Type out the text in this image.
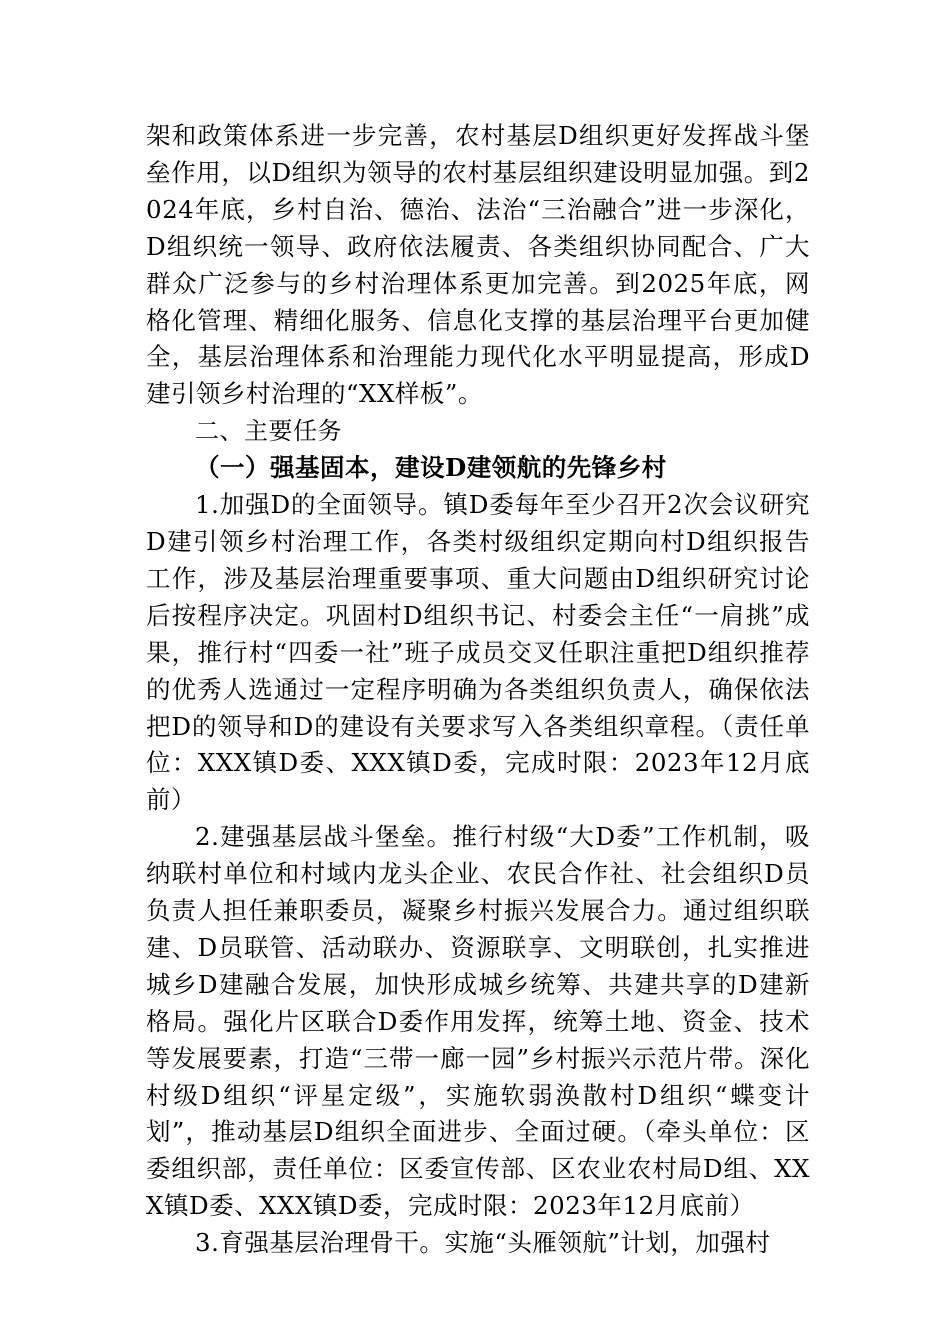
架和政策体系进一步完善，农村基层D组织更好发挥战斗堡垒作用，以D组织为领导的农村基层组织建设明显加强。到2024年底，乡村自治、德治、法治“三治融合”进一步深化，D组织统一领导、政府依法履责、各类组织协同配合、广大群众广泛参与的乡村治理体系更加完善。到2025年底，网格化管理、精细化服务、信息化支撑的基层治理平台更加健全，基层治理体系和治理能力现代化水平明显提高，形成D建引领乡村治理的“XX样板”。

二、主要任务

（一）强基固本，建设D建领航的先锋乡村

1.加强D的全面领导。镇D委每年至少召开2次会议研究D建引领乡村治理工作，各类村级组织定期向村D组织报告工作，涉及基层治理重要事项、重大问题由D组织研究讨论后按程序决定。巩固村D组织书记、村委会主任“一肩挑”成果，推行村“四委一社”班子成员交叉任职注重把D组织推荐的优秀人选通过一定程序明确为各类组织负责人，确保依法把D的领导和D的建设有关要求写入各类组织章程。（责任单位：XXX镇D委、XXX镇D委，完成时限：2023年12月底前）

2.建强基层战斗堡垒。推行村级“大D委”工作机制，吸纳联村单位和村域内龙头企业、农民合作社、社会组织D员负责人担任兼职委员，凝聚乡村振兴发展合力。通过组织联建、D员联管、活动联办、资源联享、文明联创，扎实推进城乡D建融合发展，加快形成城乡统筹、共建共享的D建新格局。强化片区联合D委作用发挥，统筹土地、资金、技术等发展要素，打造“三带一廊一园”乡村振兴示范片带。深化村级D组织“评星定级”，实施软弱涣散村D组织“蝶变计划”，推动基层D组织全面进步、全面过硬。（牵头单位：区委组织部，责任单位：区委宣传部、区农业农村局D组、XXX镇D委、XXX镇D委，完成时限：2023年12月底前）

3.育强基层治理骨干。实施“头雁领航”计划，加强村
